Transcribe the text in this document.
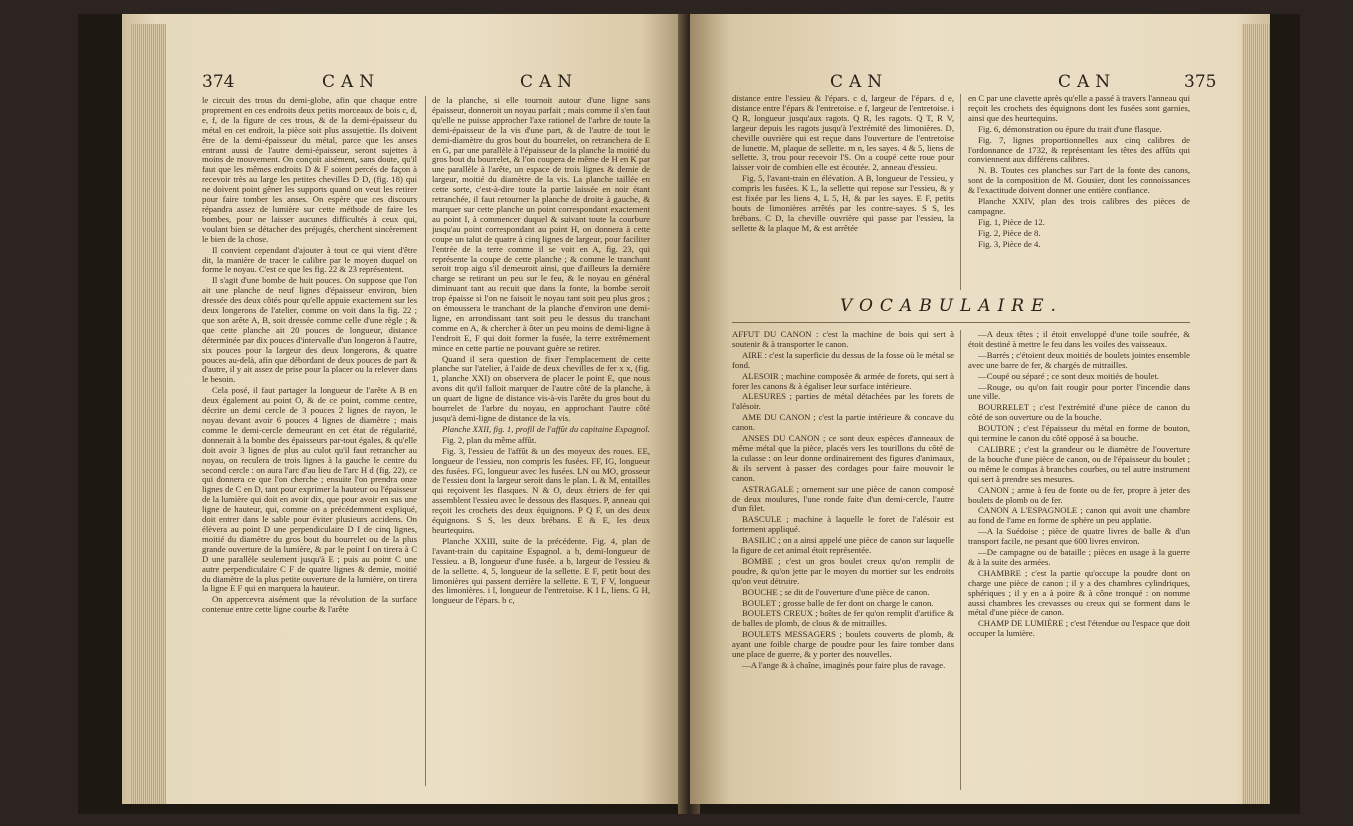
374	CAN	CAN

le circuit des trous du demi-globe, afin que chaque entre proprement en ces endroits deux petits morceaux de bois c, d, e, f, de la figure de ces trous, & de la demi-épaisseur du métal en cet endroit, la pièce soit plus assujettie. Ils doivent être de la demi-épaisseur du métal, parce que les anses entrant aussi de l'autre demi-épaisseur, seront sujettes à moins de mouvement. On conçoit aisément, sans doute, qu'il faut que les mêmes endroits D & F soient percés de façon à recevoir très au large les petites chevilles D D, (fig. 18) qui ne doivent point gêner les supports quand on veut les retirer pour faire tomber les anses. On espère que ces discours répandra assez de lumière sur cette méthode de faire les bombes, pour ne laisser aucunes difficultés à ceux qui, voulant bien se détacher des préjugés, cherchent sincèrement le bien de la chose.

Il convient cependant d'ajouter à tout ce qui vient d'être dit, la manière de tracer le calibre par le moyen duquel on forme le noyau. C'est ce que les fig. 22 & 23 représentent.

Il s'agit d'une bombe de huit pouces. On suppose que l'on ait une planche de neuf lignes d'épaisseur environ, bien dressée des deux côtés pour qu'elle appuie exactement sur les deux longerons de l'atelier, comme on voit dans la fig. 22 ; que son arête A, B, soit dressée comme celle d'une règle ; & que cette planche ait 20 pouces de longueur, distance déterminée par dix pouces d'intervalle d'un longeron à l'autre, six pouces pour la largeur des deux longerons, & quatre pouces au-delà, afin que débordant de deux pouces de part & d'autre, il y ait assez de prise pour la placer ou la relever dans le besoin.

Cela posé, il faut partager la longueur de l'arête A B en deux également au point O, & de ce point, comme centre, décrire un demi cercle de 3 pouces 2 lignes de rayon, le noyau devant avoir 6 pouces 4 lignes de diamètre ; mais comme le demi-cercle demeurant en cet état de régularité, donnerait à la bombe des épaisseurs par-tout égales, & qu'elle doit avoir 3 lignes de plus au culot qu'il faut retrancher au noyau, on reculera de trois lignes à la gauche le centre du second cercle : on aura l'arc d'au lieu de l'arc H d (fig. 22), ce qui donnera ce que l'on cherche ; ensuite l'on prendra onze lignes de C en D, tant pour exprimer la hauteur ou l'épaisseur de la lumière qui doit en avoir dix, que pour avoir en sus une ligne de hauteur, qui, comme on a précédemment expliqué, doit entrer dans le sable pour éviter plusieurs accidens. On élèvera au point D une perpendiculaire D I de cinq lignes, moitié du diamètre du gros bout du bourrelet ou de la plus grande ouverture de la lumière, & par le point I on tirera à C D une parallèle seulement jusqu'à E ; puis au point C une autre perpendiculaire C F de quatre lignes & demie, moitié du diamètre de la plus petite ouverture de la lumière, on tirera la ligne E F qui en marquera la hauteur.

On appercevra aisément que la révolution de la surface contenue entre cette ligne courbe & l'arête

de la planche, si elle tournoit autour d'une ligne sans épaisseur, donneroit un noyau parfait ; mais comme il s'en faut qu'elle ne puisse approcher l'axe rationel de l'arbre de toute la demi-épaisseur de la vis d'une part, & de l'autre de tout le demi-diamètre du gros bout du bourrelet, on retranchera de E en G, par une parallèle à l'épaisseur de la planche la moitié du gros bout du bourrelet, & l'on coupera de même de H en K par une parallèle à l'arête, un espace de trois lignes & demie de largeur, moitié du diamètre de la vis. La planche taillée en cette sorte, c'est-à-dire toute la partie laissée en noir étant retranchée, il faut retourner la planche de droite à gauche, & marquer sur cette planche un point correspondant exactement au point I, à commencer duquel & suivant toute la courbure jusqu'au point correspondant au point H, on donnera à cette coupe un talut de quatre à cinq lignes de largeur, pour faciliter l'entrée de la terre comme il se voit en A, fig. 23, qui représente la coupe de cette planche ; & comme le tranchant seroit trop aigu s'il demeuroit ainsi, que d'ailleurs la dernière charge se retirant un peu sur le feu, & le noyau en général diminuant tant au recuit que dans la fonte, la bombe seroit trop épaisse si l'on ne faisoit le noyau tant soit peu plus gros ; on émoussera le tranchant de la planche d'environ une demi-ligne, en arrondissant tant soit peu le dessus du tranchant comme en A, & chercher à ôter un peu moins de demi-ligne à l'endroit E, F qui doit former la fusée, la terre extrêmement mince en cette partie ne pouvant guère se retirer.

Quand il sera question de fixer l'emplacement de cette planche sur l'atelier, à l'aide de deux chevilles de fer x x, (fig. 1, planche XXI) on observera de placer le point E, que nous avons dit qu'il falloit marquer de l'autre côté de la planche, à un quart de ligne de distance vis-à-vis l'arête du gros bout du bourrelet de l'arbre du noyau, en approchant l'autre côté jusqu'à demi-ligne de distance de la vis.

Planche XXII, fig. 1, profil de l'affût du capitaine Espagnol.

Fig. 2, plan du même affût.

Fig. 3, l'essieu de l'affût & un des moyeux des roues. EE, longueur de l'essieu, non compris les fusées. FF, IG, longueur des fusées. FG, longueur avec les fusées. LN ou MO, grosseur de l'essieu dont la largeur seroit dans le plan. L & M, entailles qui reçoivent les flasques. N & O, deux étriers de fer qui assemblent l'essieu avec le dessous des flasques. P, anneau qui reçoit les crochets des deux équignons. P Q F, un des deux équignons. S S, les deux brébans. E & E, les deux heurtequins.

Planche XXIII, suite de la précédente. Fig. 4, plan de l'avant-train du capitaine Espagnol. a b, demi-longueur de l'essieu. a B, longueur d'une fusée. a b, largeur de l'essieu & de la sellette. 4, 5, longueur de la sellette. E F, petit bout des limonières qui passent derrière la sellette. E T, F V, longueur des limonières. i l, longueur de l'entretoise. K I L, liens. G H, longueur de l'épars. b c,

CAN	CAN	375

distance entre l'essieu & l'épars. c d, largeur de l'épars. d e, distance entre l'épars & l'entretoise. e f, largeur de l'entretoise. i Q R, longueur jusqu'aux ragots. Q R, les ragots. Q T, R V, largeur depuis les ragots jusqu'à l'extrémité des limonières. D, cheville ouvrière qui est reçue dans l'ouverture de l'entretoise de lunette. M, plaque de sellette. m n, les sayes. 4 & 5, liens de sellette. 3, trou pour recevoir l'S. On a coupé cette roue pour laisser voir de combien elle est écoutée. 2, anneau d'essieu.

Fig. 5, l'avant-train en élévation. A B, longueur de l'essieu, y compris les fusées. K L, la sellette qui repose sur l'essieu, & y est fixée par les liens 4, L 5, H, & par les sayes. E F, petits bouts de limonières arrêtés par les contre-sayes. S S, les brébans. C D, la cheville ouvrière qui passe par l'essieu, la sellette & la plaque M, & est arrêtée

en C par une clavette après qu'elle a passé à travers l'anneau qui reçoit les crochets des équignons dont les fusées sont garnies, ainsi que des heurtequins.

Fig. 6, démonstration ou épure du trait d'une flasque.

Fig. 7, lignes proportionnelles aux cinq calibres de l'ordonnance de 1732, & représentant les têtes des affûts qui conviennent aux différens calibres.

N. B. Toutes ces planches sur l'art de la fonte des canons, sont de la composition de M. Gousier, dont les connoissances & l'exactitude doivent donner une entière confiance.

Planche XXIV, plan des trois calibres des pièces de campagne.

Fig. 1, Pièce de 12.

Fig. 2, Pièce de 8.

Fig. 3, Pièce de 4.

VOCABULAIRE.

AFFUT DU CANON : c'est la machine de bois qui sert à soutenir & à transporter le canon.

AIRE : c'est la superficie du dessus de la fosse où le métal se fond.

ALESOIR ; machine composée & armée de forets, qui sert à forer les canons & à égaliser leur surface intérieure.

ALESURES ; parties de métal détachées par les forets de l'alésoir.

AME DU CANON ; c'est la partie intérieure & concave du canon.

ANSES DU CANON ; ce sont deux espèces d'anneaux de même métal que la pièce, placés vers les tourillons du côté de la culasse : on leur donne ordinairement des figures d'animaux, & ils servent à passer des cordages pour faire mouvoir le canon.

ASTRAGALE ; ornement sur une pièce de canon composé de deux moulures, l'une ronde faite d'un demi-cercle, l'autre d'un filet.

BASCULE ; machine à laquelle le foret de l'alésoir est fortement appliqué.

BASILIC ; on a ainsi appelé une pièce de canon sur laquelle la figure de cet animal étoit représentée.

BOMBE ; c'est un gros boulet creux qu'on remplit de poudre, & qu'on jette par le moyen du mortier sur les endroits qu'on veut détruire.

BOUCHE ; se dit de l'ouverture d'une pièce de canon.

BOULET ; grosse balle de fer dont on charge le canon.

BOULETS CREUX ; boîtes de fer qu'on remplit d'artifice & de balles de plomb, de clous & de mitrailles.

BOULETS MESSAGERS ; boulets couverts de plomb, & ayant une foible charge de poudre pour les faire tomber dans une place de guerre, & y porter des nouvelles.

—A l'ange & à chaîne, imaginés pour faire plus de ravage.

—A deux têtes ; il étoit enveloppé d'une toile soufrée, & étoit destiné à mettre le feu dans les voiles des vaisseaux.

—Barrés ; c'étoient deux moitiés de boulets jointes ensemble avec une barre de fer, & chargés de mitrailles.

—Coupé ou séparé ; ce sont deux moitiés de boulet.

—Rouge, ou qu'on fait rougir pour porter l'incendie dans une ville.

BOURRELET ; c'est l'extrémité d'une pièce de canon du côté de son ouverture ou de la bouche.

BOUTON ; c'est l'épaisseur du métal en forme de bouton, qui termine le canon du côté opposé à sa bouche.

CALIBRE ; c'est la grandeur ou le diamètre de l'ouverture de la bouche d'une pièce de canon, ou de l'épaisseur du boulet ; ou même le compas à branches courbes, ou tel autre instrument qui sert à prendre ses mesures.

CANON ; arme à feu de fonte ou de fer, propre à jeter des boulets de plomb ou de fer.

CANON A L'ESPAGNOLE ; canon qui avoit une chambre au fond de l'ame en forme de sphère un peu applatie.

—A la Suédoise ; pièce de quatre livres de balle & d'un transport facile, ne pesant que 600 livres environ.

—De campagne ou de bataille ; pièces en usage à la guerre & à la suite des armées.

CHAMBRE ; c'est la partie qu'occupe la poudre dont on charge une pièce de canon ; il y a des chambres cylindriques, sphériques ; il y en a à poire & à cône tronqué : on nomme aussi chambres les crevasses ou creux qui se forment dans le métal d'une pièce de canon.

CHAMP DE LUMIÈRE ; c'est l'étendue ou l'espace que doit occuper la lumière.
